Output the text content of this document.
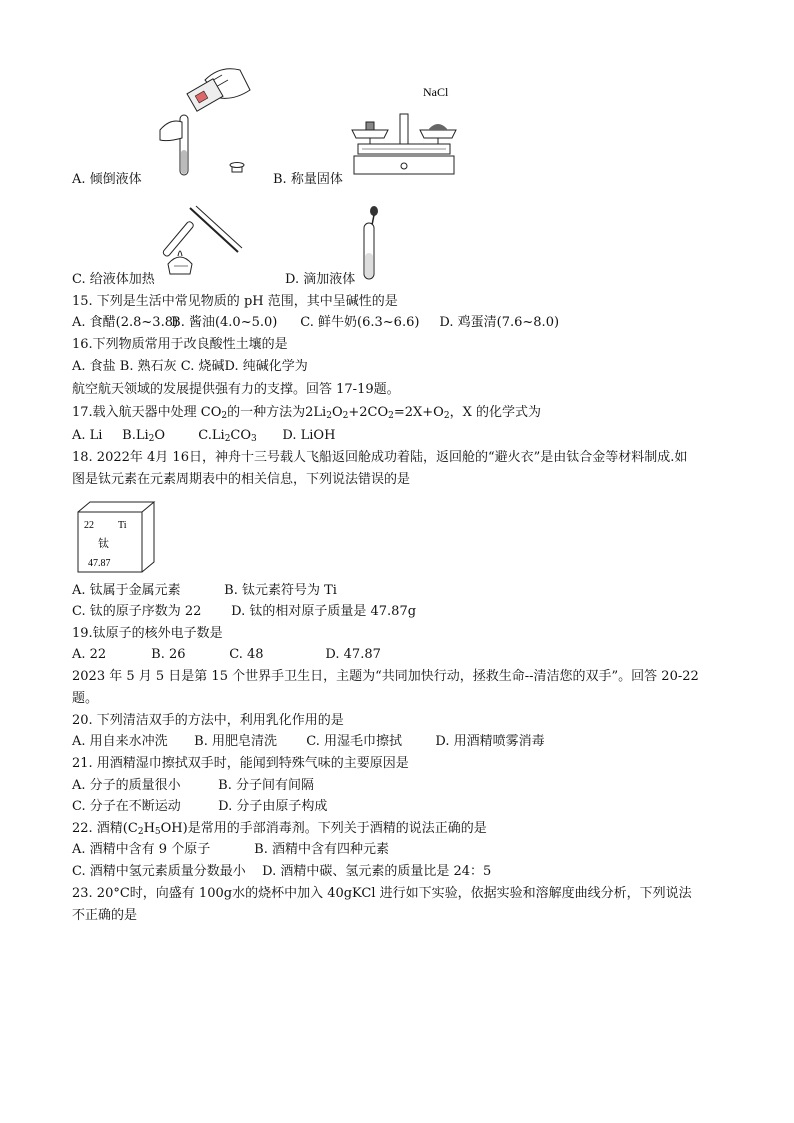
A. 倾倒液体
NaCl
B. 称量固体
C. 给液体加热	D. 滴加液体
15. 下列是生活中常见物质的 pH 范围，其中呈碱性的是
A. 食醋(2.8~3.8) B. 酱油(4.0~5.0) C. 鲜牛奶(6.3~6.6) D. 鸡蛋清(7.6~8.0)
16.下列物质常用于改良酸性土壤的是
A. 食盐 B. 熟石灰 C. 烧碱D. 纯碱化学为
航空航天领域的发展提供强有力的支撑。回答 17-19题。
17.载入航天器中处理 $CO_2$的一种方法为$2Li_2O_2+2CO_2=2X+O_2$，X 的化学式为
A. Li $B.Li_2O$	$C.Li_2CO_3$ D. LiOH
18. 2022年 4月 16日，神舟十三号载人飞船返回舱成功着陆，返回舱的“避火衣”是由钛合金等材料制成.如
图是钛元素在元素周期表中的相关信息，下列说法错误的是
22 Ti
钛
47.87
A. 钛属于金属元素	B. 钛元素符号为 Ti
C. 钛的原子序数为 22 D. 钛的相对原子质量是 47.87g
19.钛原子的核外电子数是
A. 22	B. 26	C. 48	D. 47.87
2023 年 5 月 5 日是第 15 个世界手卫生日，主题为“共同加快行动，拯救生命--清洁您的双手”。回答 20-22
题。
20. 下列清洁双手的方法中，利用乳化作用的是
A. 用自来水冲洗 B. 用肥皂清洗 C. 用湿毛巾擦拭	D. 用酒精喷雾消毒
21. 用酒精湿巾擦拭双手时，能闻到特殊气味的主要原因是
A. 分子的质量很小	B. 分子间有间隔
C. 分子在不断运动	D. 分子由原子构成
22. 酒精$(C_2H_5OH)$是常用的手部消毒剂。下列关于酒精的说法正确的是
A. 酒精中含有 9 个原子	B. 酒精中含有四种元素
C. 酒精中氢元素质量分数最小 D. 酒精中碳、氢元素的质量比是 24：5
23. 20°C时，向盛有 100g水的烧杯中加入 40gKCl 进行如下实验，依据实验和溶解度曲线分析，下列说法
不正确的是
